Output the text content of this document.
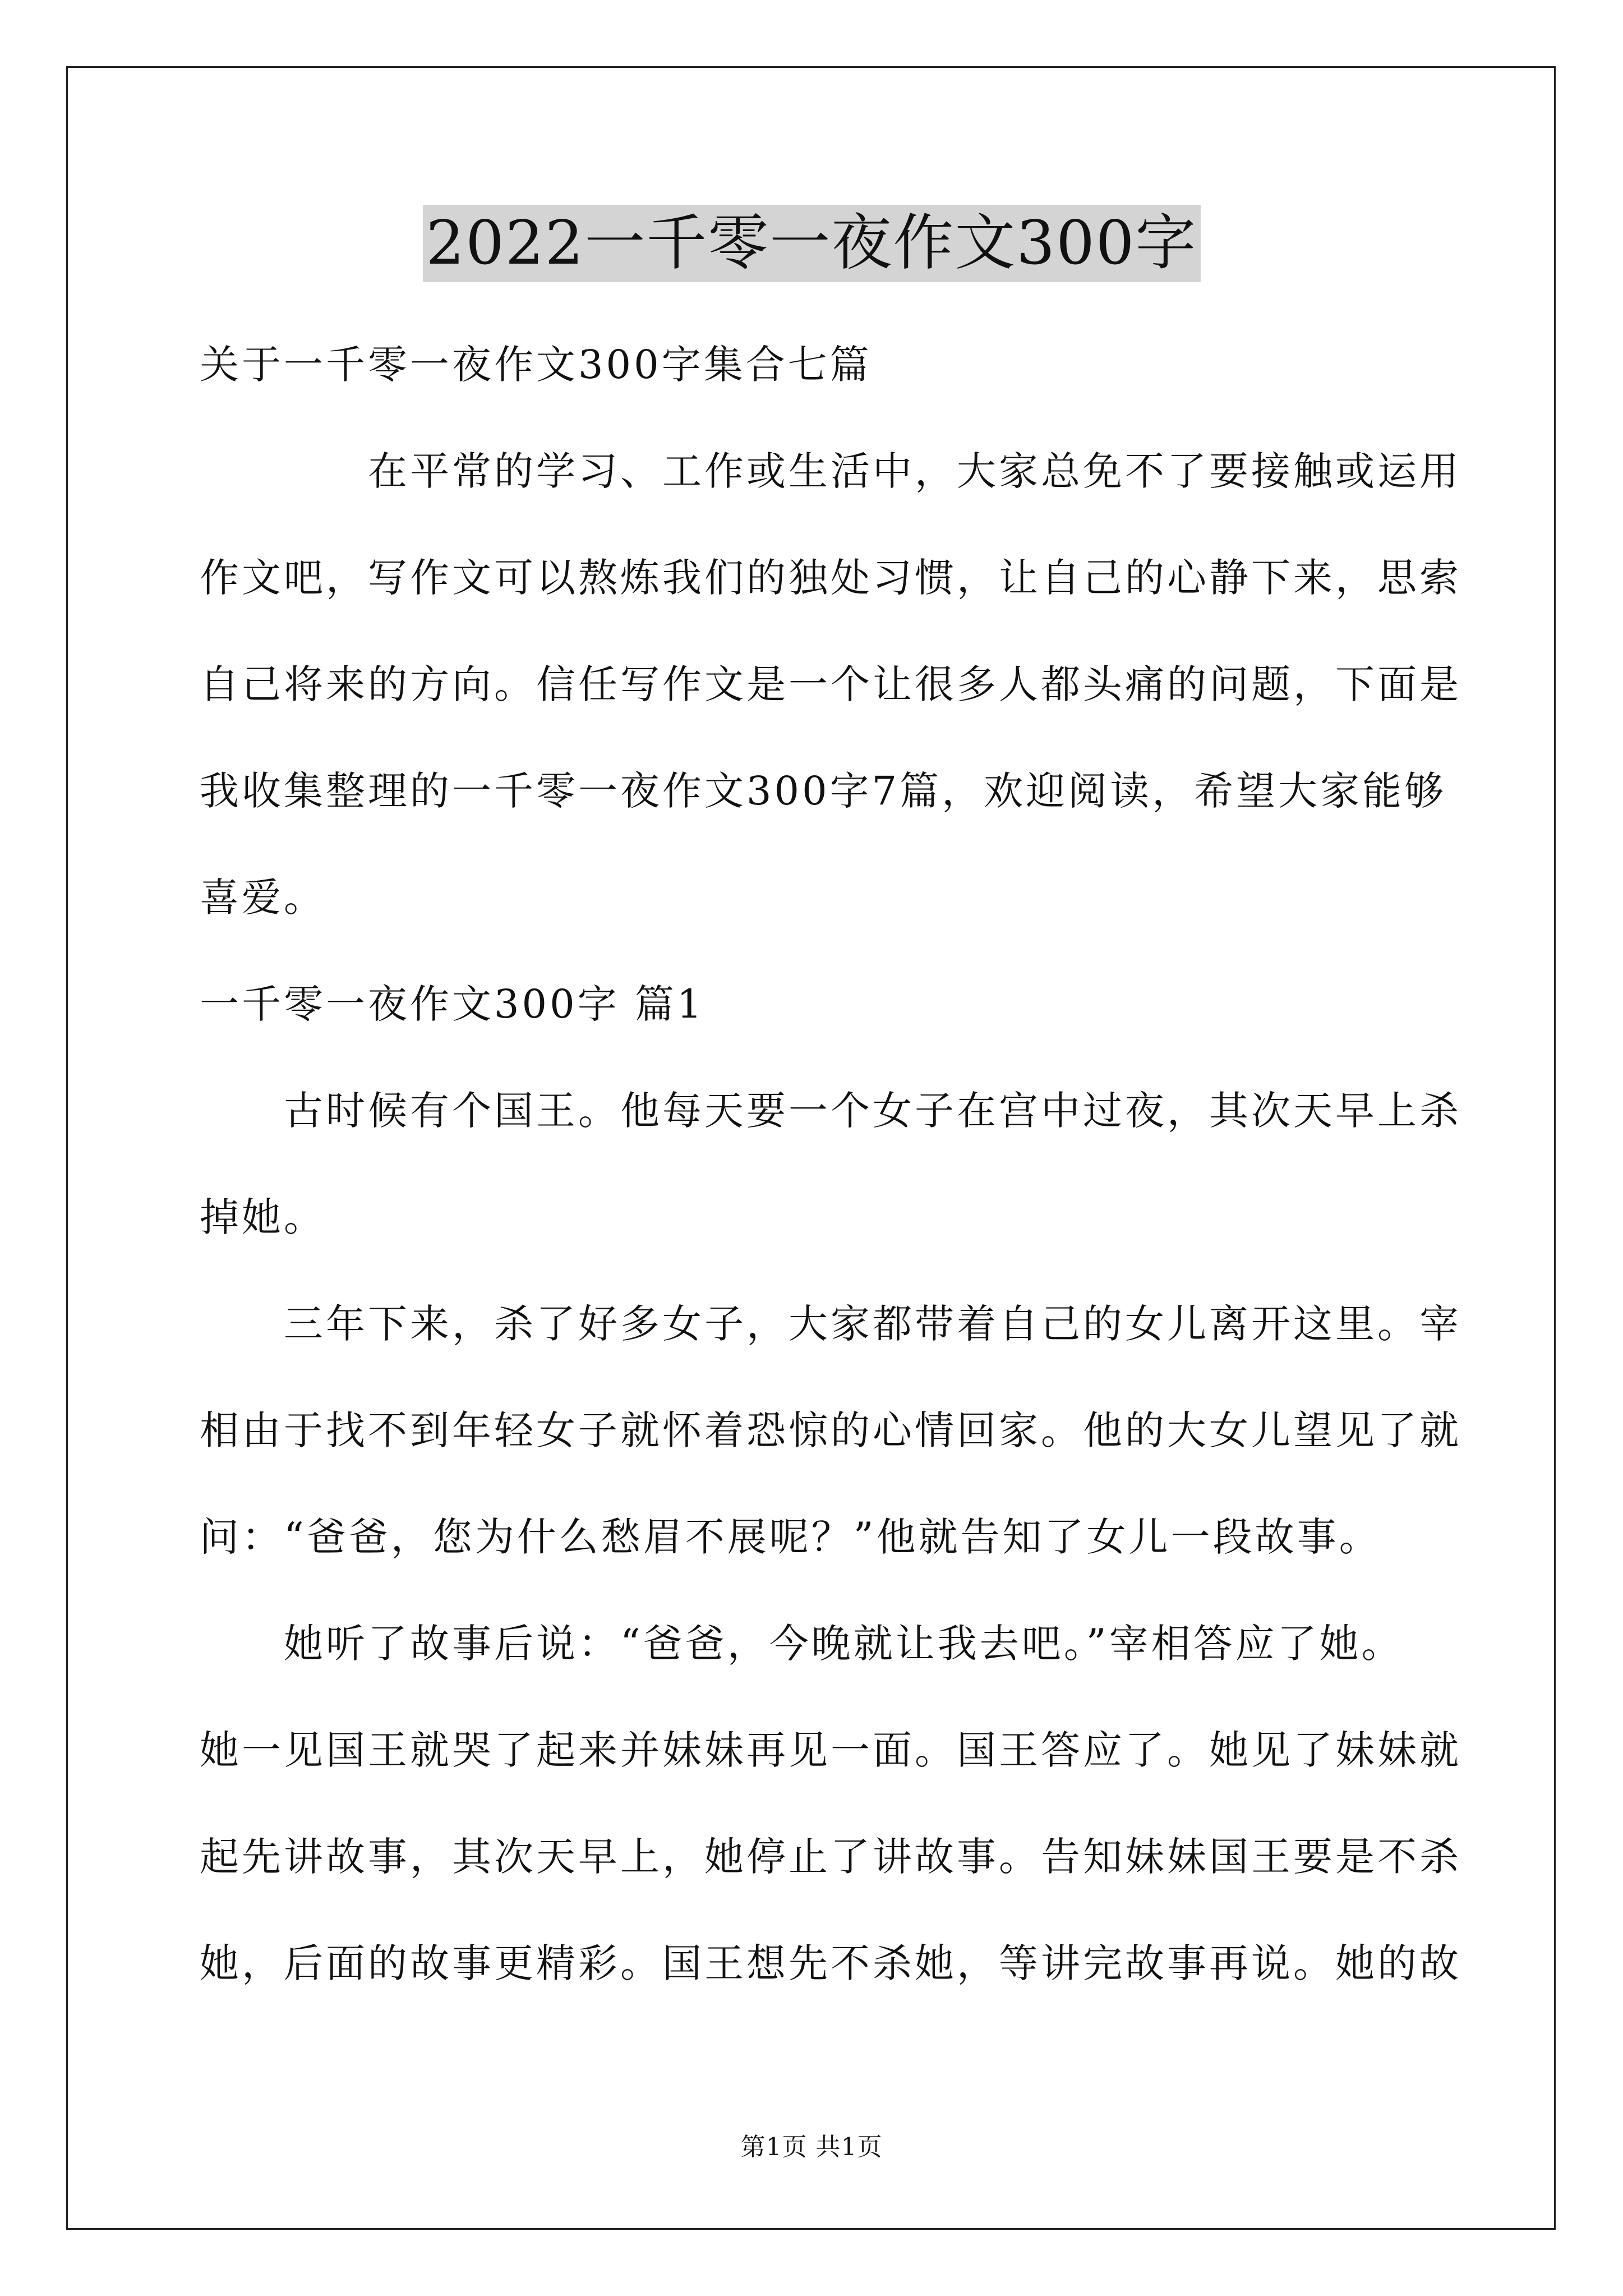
2022一千零一夜作文300字
关于一千零一夜作文300字集合七篇
　　　　在平常的学习、工作或生活中，大家总免不了要接触或运用
作文吧，写作文可以熬炼我们的独处习惯，让自己的心静下来，思索
自己将来的方向。信任写作文是一个让很多人都头痛的问题，下面是
我收集整理的一千零一夜作文300字7篇，欢迎阅读，希望大家能够
喜爱。
一千零一夜作文300字 篇1
　　古时候有个国王。他每天要一个女子在宫中过夜，其次天早上杀
掉她。
　　三年下来，杀了好多女子，大家都带着自己的女儿离开这里。宰
相由于找不到年轻女子就怀着恐惊的心情回家。他的大女儿望见了就
问：“爸爸，您为什么愁眉不展呢？”他就告知了女儿一段故事。
　　她听了故事后说：“爸爸，今晚就让我去吧。”宰相答应了她。
她一见国王就哭了起来并妹妹再见一面。国王答应了。她见了妹妹就
起先讲故事，其次天早上，她停止了讲故事。告知妹妹国王要是不杀
她，后面的故事更精彩。国王想先不杀她，等讲完故事再说。她的故
第1页 共1页
